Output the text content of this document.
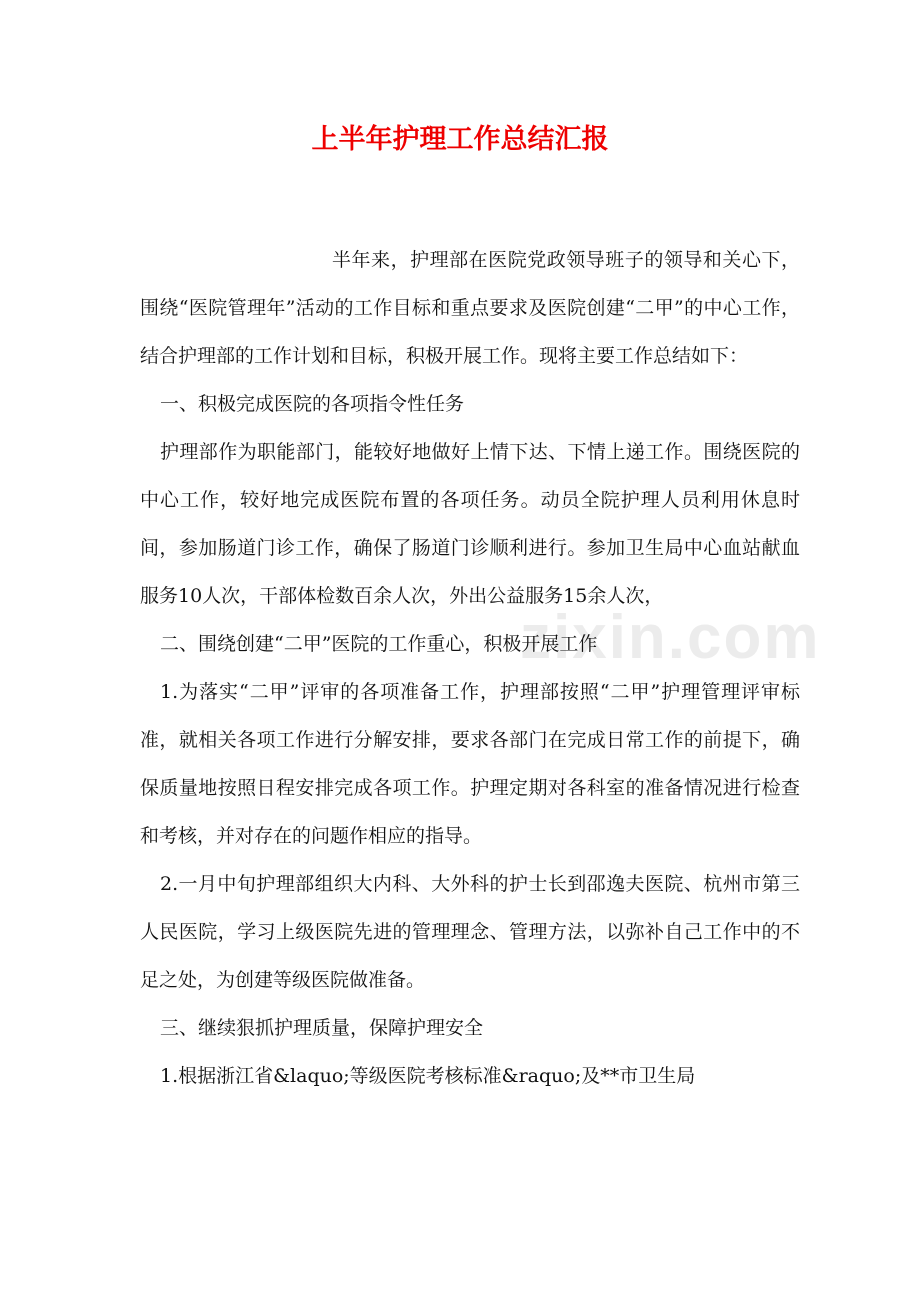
zixin.com
上半年护理工作总结汇报

半年来，护理部在医院党政领导班子的领导和关心下，围绕“医院管理年”活动的工作目标和重点要求及医院创建“二甲”的中心工作，结合护理部的工作计划和目标，积极开展工作。现将主要工作总结如下：

一、积极完成医院的各项指令性任务

护理部作为职能部门，能较好地做好上情下达、下情上递工作。围绕医院的中心工作，较好地完成医院布置的各项任务。动员全院护理人员利用休息时间，参加肠道门诊工作，确保了肠道门诊顺利进行。参加卫生局中心血站献血服务10人次，干部体检数百余人次，外出公益服务15余人次，

二、围绕创建“二甲”医院的工作重心，积极开展工作

1.为落实“二甲”评审的各项准备工作，护理部按照“二甲”护理管理评审标准，就相关各项工作进行分解安排，要求各部门在完成日常工作的前提下，确保质量地按照日程安排完成各项工作。护理定期对各科室的准备情况进行检查和考核，并对存在的问题作相应的指导。

2.一月中旬护理部组织大内科、大外科的护士长到邵逸夫医院、杭州市第三人民医院，学习上级医院先进的管理理念、管理方法，以弥补自己工作中的不足之处，为创建等级医院做准备。

三、继续狠抓护理质量，保障护理安全

1.根据浙江省&laquo;等级医院考核标准&raquo;及**市卫生局
